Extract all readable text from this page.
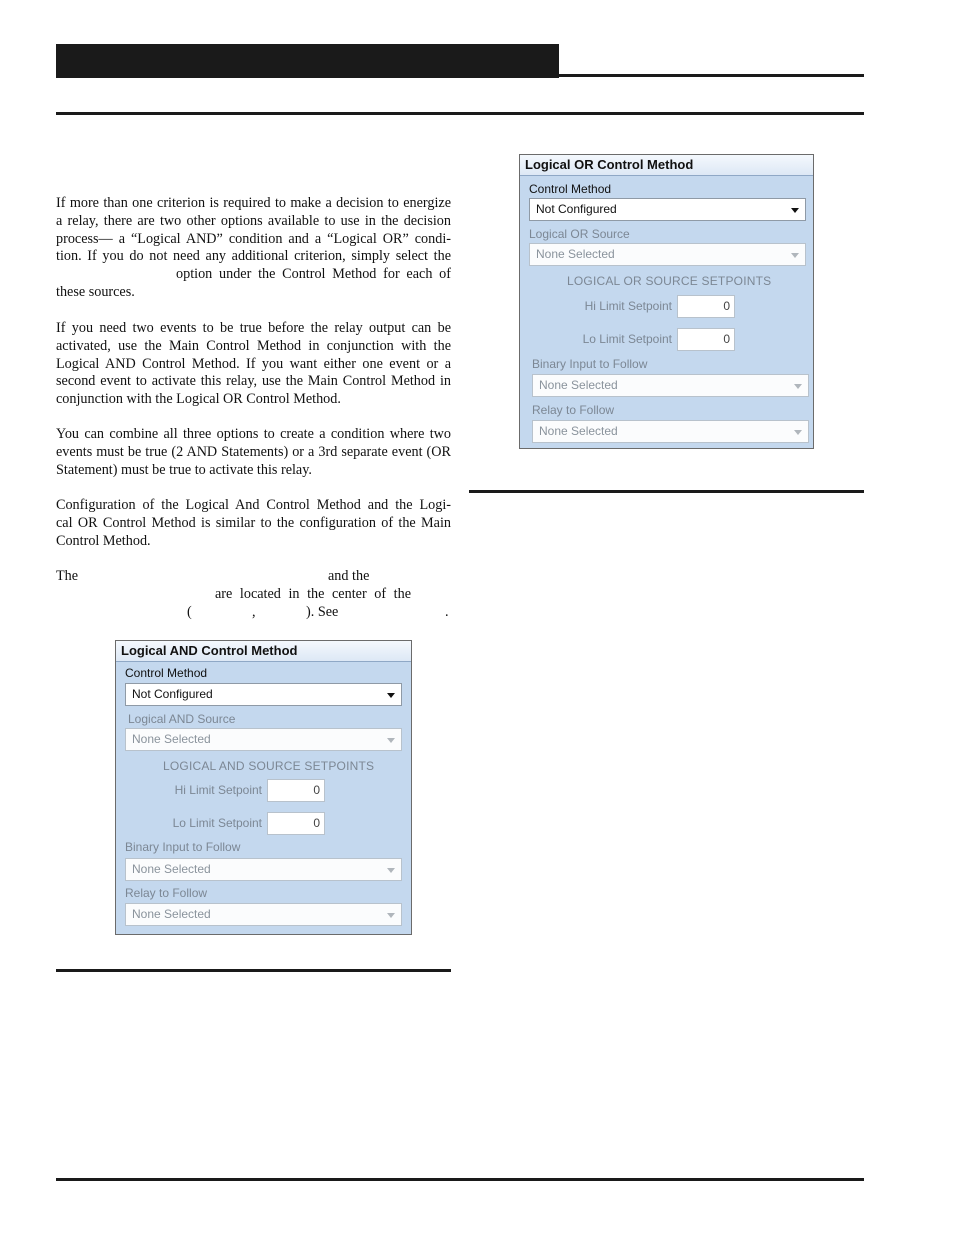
If more than one criterion is required to make a decision to energize
a relay, there are two other options available to use in the decision
process— a “Logical AND” condition and a “Logical OR” condi-
tion. If you do not need any additional criterion, simply select the
option under the Control Method for each of
these sources.
If you need two events to be true before the relay output can be
activated, use the Main Control Method in conjunction with the
Logical AND Control Method. If you want either one event or a
second event to activate this relay, use the Main Control Method in
conjunction with the Logical OR Control Method.
You can combine all three options to create a condition where two
events must be true (2 AND Statements) or a 3rd separate event (OR
Statement) must be true to activate this relay.
Configuration of the Logical And Control Method and the Logi-
cal OR Control Method is similar to the configuration of the Main
Control Method.
The	and the
are located in the center of the
(	,	). See	.
Logical AND Control Method
Control Method
Not Configured
Logical AND Source
None Selected
LOGICAL AND SOURCE SETPOINTS
Hi Limit Setpoint	0
Lo Limit Setpoint	0
Binary Input to Follow
None Selected
Relay to Follow
None Selected
Logical OR Control Method
Control Method
Not Configured
Logical OR Source
None Selected
LOGICAL OR SOURCE SETPOINTS
Hi Limit Setpoint	0
Lo Limit Setpoint	0
Binary Input to Follow
None Selected
Relay to Follow
None Selected
